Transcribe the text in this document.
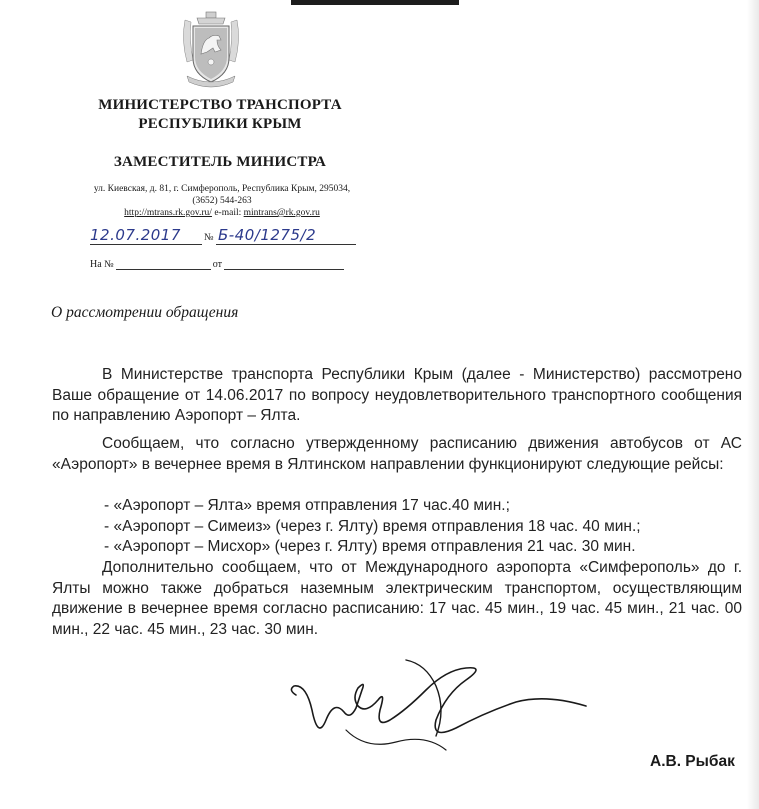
МИНИСТЕРСТВО ТРАНСПОРТА
РЕСПУБЛИКИ КРЫМ
ЗАМЕСТИТЕЛЬ МИНИСТРА
ул. Киевская, д. 81, г. Симферополь, Республика Крым, 295034,
(3652) 544-263
http://mtrans.rk.gov.ru/ e-mail: mintrans@rk.gov.ru
12.07.2017 № Б-40/1275/2
На №	от
О рассмотрении обращения

В Министерстве транспорта Республики Крым (далее - Министерство) рассмотрено Ваше обращение от 14.06.2017 по вопросу неудовлетворительного транспортного сообщения по направлению Аэропорт – Ялта.

Сообщаем, что согласно утвержденному расписанию движения автобусов от АС «Аэропорт» в вечернее время в Ялтинском направлении функционируют следующие рейсы:

- «Аэропорт – Ялта» время отправления 17 час.40 мин.;
- «Аэропорт – Симеиз» (через г. Ялту) время отправления 18 час. 40 мин.;
- «Аэропорт – Мисхор» (через г. Ялту) время отправления 21 час. 30 мин.

Дополнительно сообщаем, что от Международного аэропорта «Симферополь» до г. Ялты можно также добраться наземным электрическим транспортом, осуществляющим движение в вечернее время согласно расписанию: 17 час. 45 мин., 19 час. 45 мин., 21 час. 00 мин., 22 час. 45 мин., 23 час. 30 мин.

А.В. Рыбак
